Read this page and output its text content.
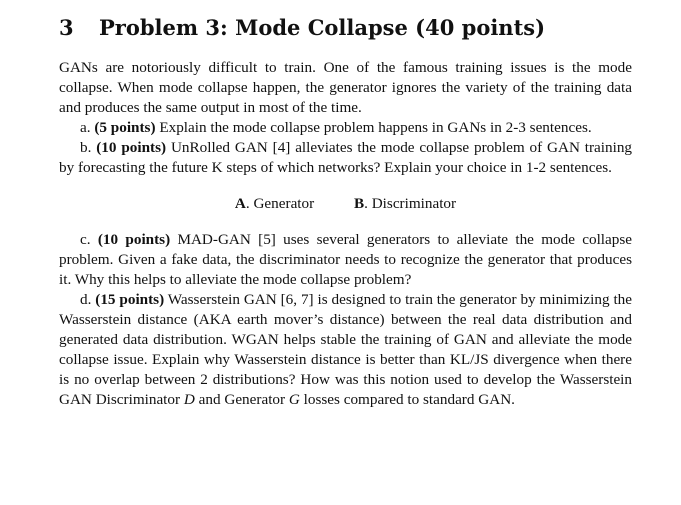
3 Problem 3: Mode Collapse (40 points)

GANs are notoriously difficult to train. One of the famous training issues is the mode collapse. When mode collapse happen, the generator ignores the variety of the training data and produces the same output in most of the time.

a. (5 points) Explain the mode collapse problem happens in GANs in 2-3 sentences.

b. (10 points) UnRolled GAN [4] alleviates the mode collapse problem of GAN training by forecasting the future K steps of which networks? Explain your choice in 1-2 sentences.

A. Generator	B. Discriminator

c. (10 points) MAD-GAN [5] uses several generators to alleviate the mode collapse problem. Given a fake data, the discriminator needs to recognize the generator that produces it. Why this helps to alleviate the mode collapse problem?

d. (15 points) Wasserstein GAN [6, 7] is designed to train the generator by minimizing the Wasserstein distance (AKA earth mover’s distance) between the real data distribution and generated data distribution. WGAN helps stable the training of GAN and alleviate the mode collapse issue. Explain why Wasserstein distance is better than KL/JS divergence when there is no overlap between 2 distributions? How was this notion used to develop the Wasserstein GAN Discriminator D and Generator G losses compared to standard GAN.
